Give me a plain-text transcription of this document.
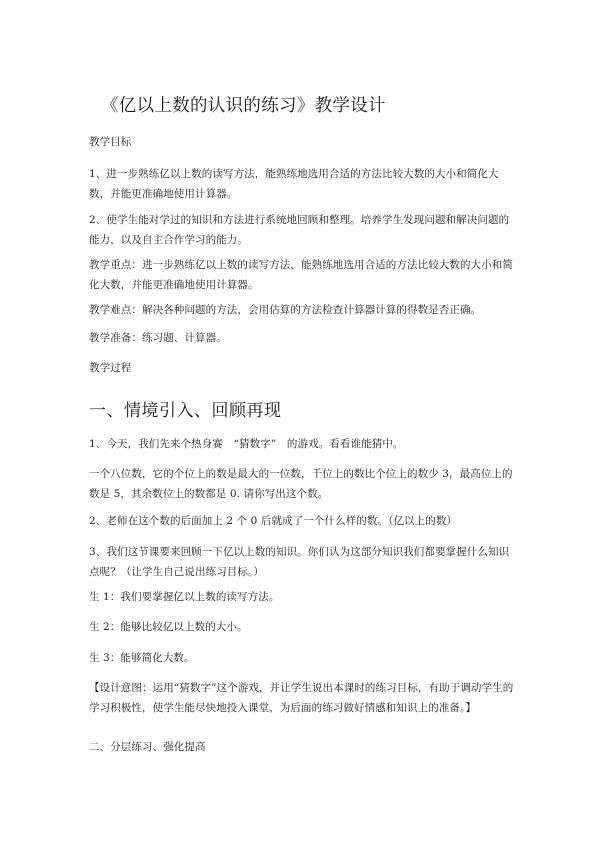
《亿以上数的认识的练习》教学设计

教学目标

1、进一步熟练亿以上数的读写方法，能熟练地选用合适的方法比较大数的大小和简化大数，并能更准确地使用计算器。

2、使学生能对学过的知识和方法进行系统地回顾和整理。培养学生发现问题和解决问题的能力，以及自主合作学习的能力。

教学重点：进一步熟练亿以上数的读写方法，能熟练地选用合适的方法比较大数的大小和简化大数，并能更准确地使用计算器。

教学难点：解决各种问题的方法，会用估算的方法检查计算器计算的得数是否正确。

教学准备：练习题、计算器。

教学过程

一、情境引入、回顾再现

1、今天，我们先来个热身赛　“猜数字”　的游戏。看看谁能猜中。

一个八位数，它的个位上的数是最大的一位数，千位上的数比个位上的数少 3，最高位上的数是 5，其余数位上的数都是 0. 请你写出这个数。

2、老师在这个数的后面加上 2 个 0 后就成了一个什么样的数。（亿以上的数）

3、我们这节课要来回顾一下亿以上数的知识。你们认为这部分知识我们都要掌握什么知识点呢？（让学生自己说出练习目标。）

生 1：我们要掌握亿以上数的读写方法。

生 2：能够比较亿以上数的大小。

生 3：能够简化大数。

【设计意图：运用“猜数字”这个游戏，并让学生说出本课时的练习目标，有助于调动学生的学习积极性，使学生能尽快地投入课堂，为后面的练习做好情感和知识上的准备。】

二、分层练习、强化提高
